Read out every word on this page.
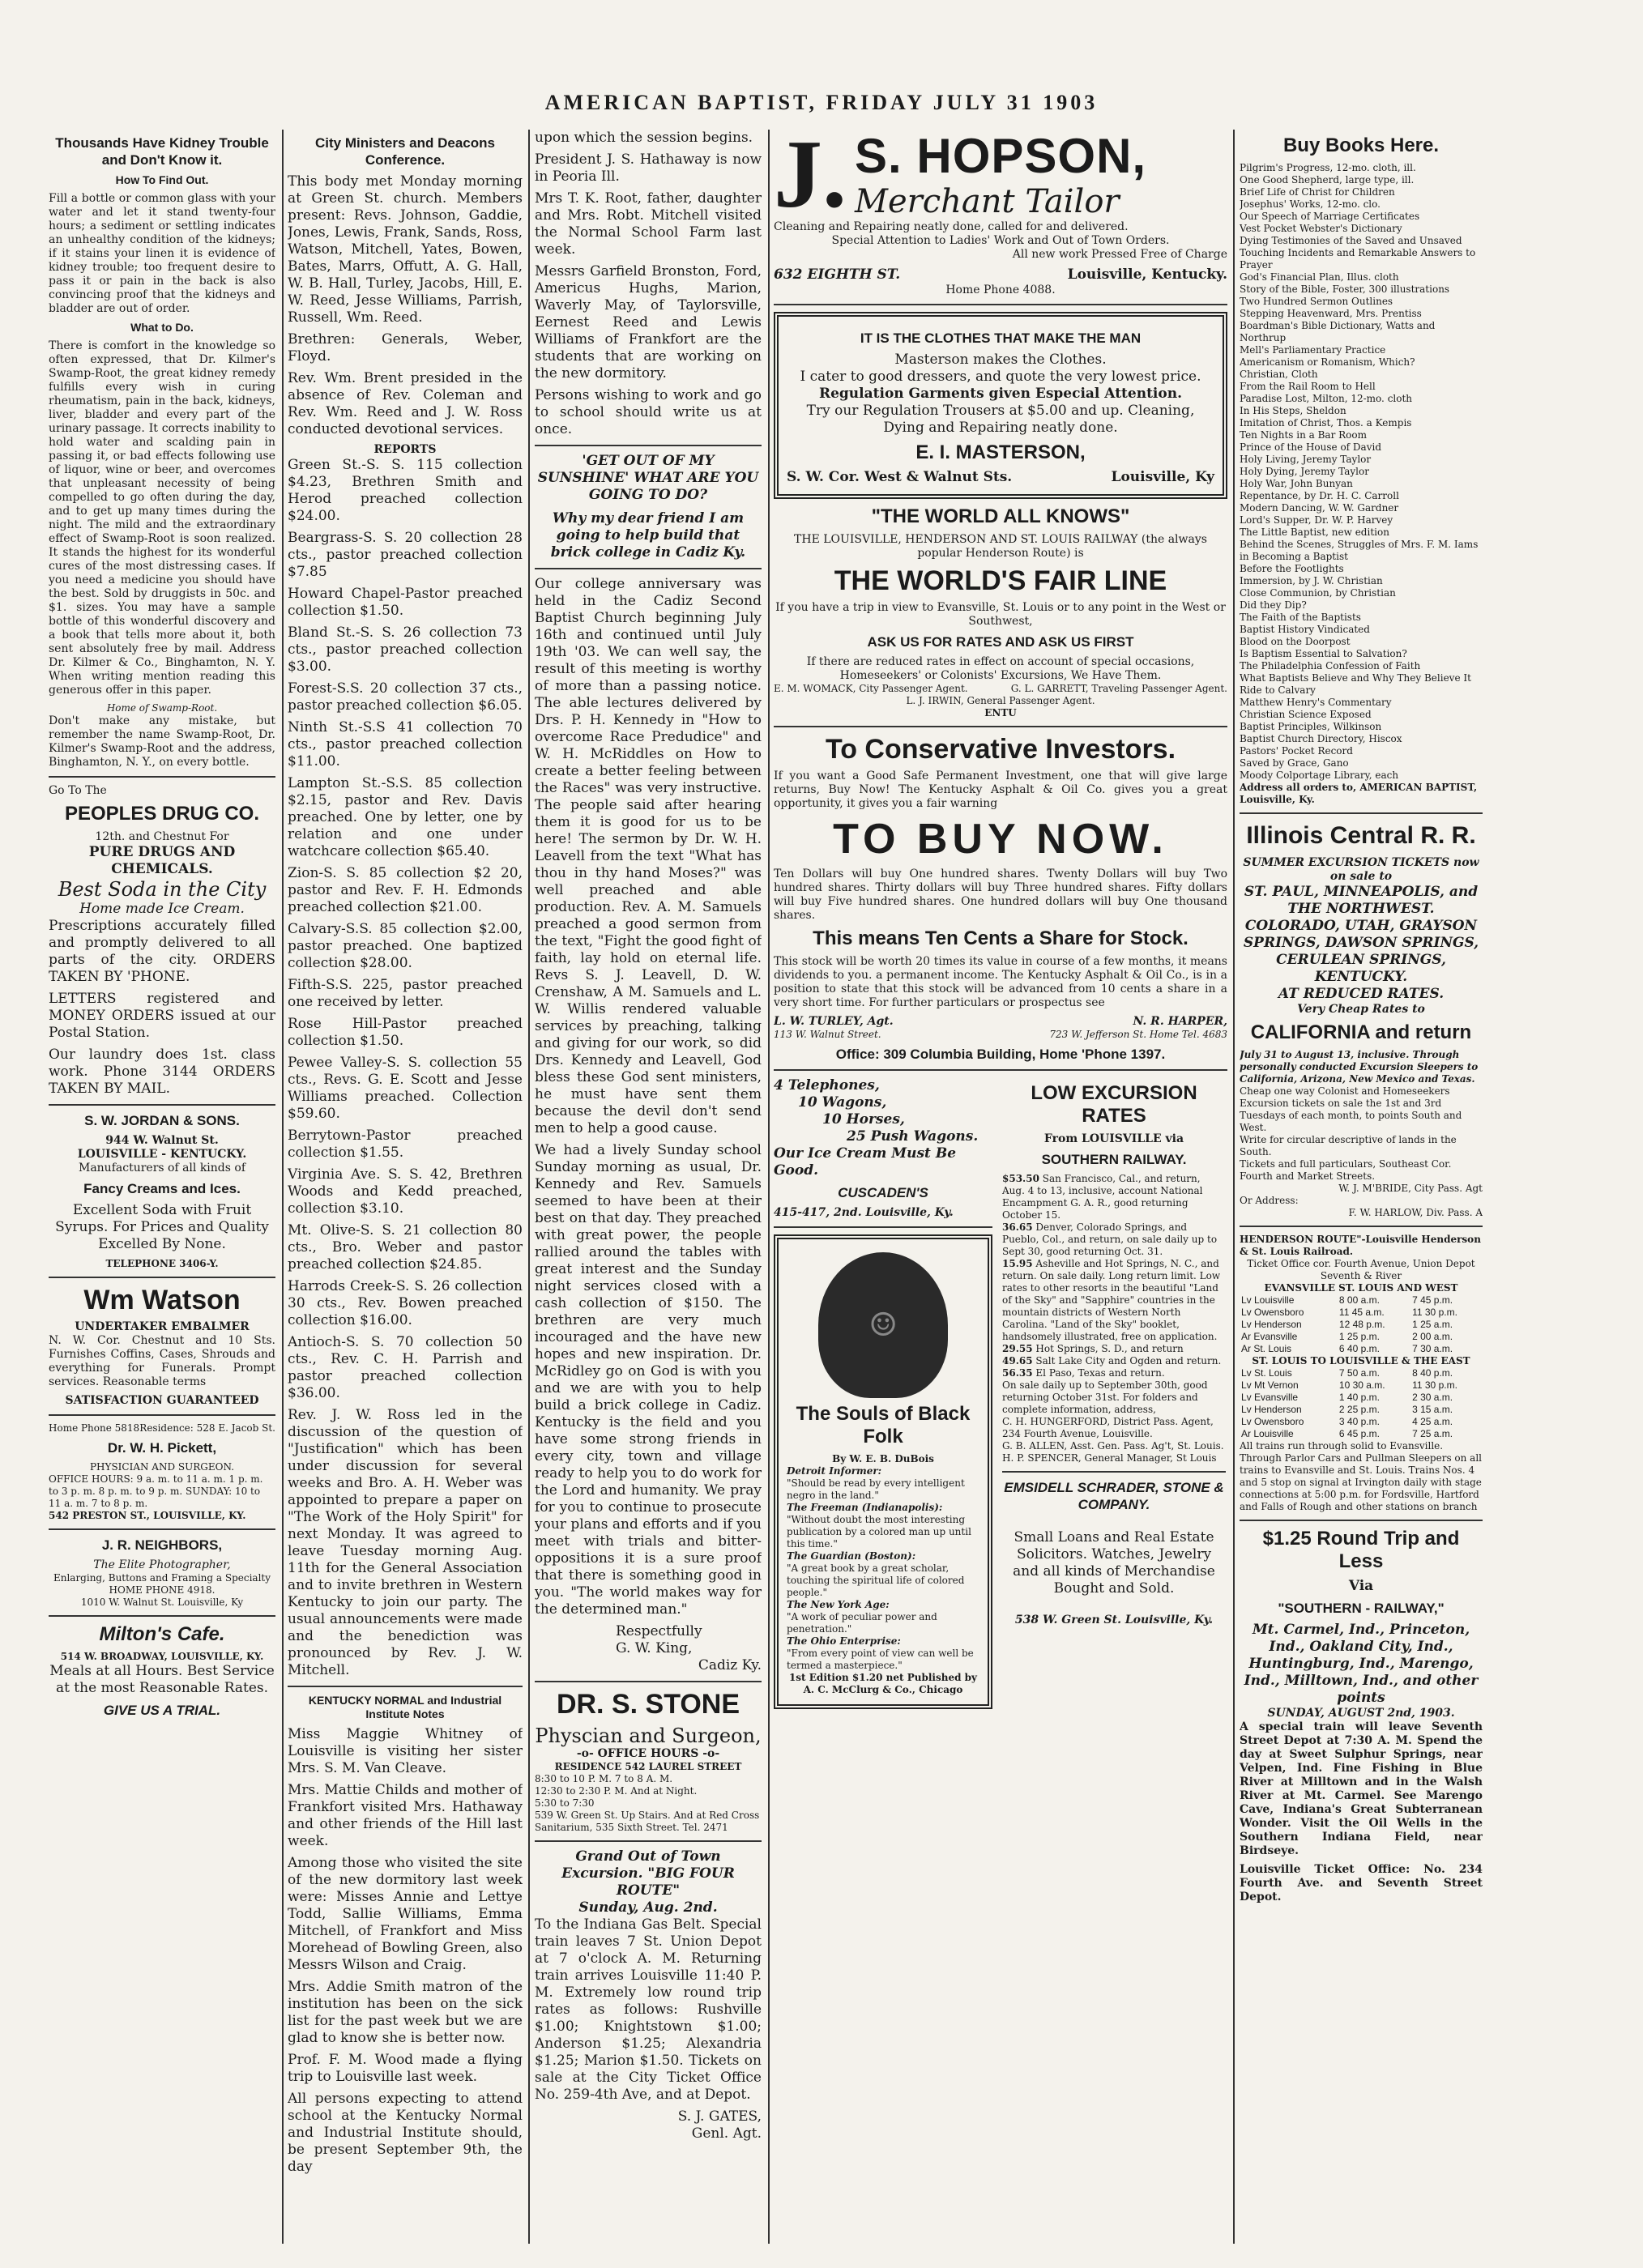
AMERICAN BAPTIST, FRIDAY JULY 31 1903
Thousands Have Kidney Trouble and Don't Know it.
How To Find Out.

Fill a bottle or common glass with your water and let it stand twenty-four hours; a sediment or settling indicates an unhealthy condition of the kidneys; if it stains your linen it is evidence of kidney trouble; too frequent desire to pass it or pain in the back is also convincing proof that the kidneys and bladder are out of order.

What to Do.

There is comfort in the knowledge so often expressed, that Dr. Kilmer's Swamp-Root, the great kidney remedy fulfills every wish in curing rheumatism, pain in the back, kidneys, liver, bladder and every part of the urinary passage. It corrects inability to hold water and scalding pain in passing it, or bad effects following use of liquor, wine or beer, and overcomes that unpleasant necessity of being compelled to go often during the day, and to get up many times during the night. The mild and the extraordinary effect of Swamp-Root is soon realized. It stands the highest for its wonderful cures of the most distressing cases. If you need a medicine you should have the best. Sold by druggists in 50c. and $1. sizes. You may have a sample bottle of this wonderful discovery and a book that tells more about it, both sent absolutely free by mail. Address Dr. Kilmer & Co., Binghamton, N. Y. When writing mention reading this generous offer in this paper.

Home of Swamp-Root.

Don't make any mistake, but remember the name Swamp-Root, Dr. Kilmer's Swamp-Root and the address, Binghamton, N. Y., on every bottle.

Go To The
PEOPLES DRUG CO.
12th. and Chestnut For
PURE DRUGS AND CHEMICALS.
Best Soda in the City
Home made Ice Cream.

Prescriptions accurately filled and promptly delivered to all parts of the city. ORDERS TAKEN BY 'PHONE.

LETTERS registered and MONEY ORDERS issued at our Postal Station.

Our laundry does 1st. class work. Phone 3144 ORDERS TAKEN BY MAIL.

S. W. JORDAN & SONS.
944 W. Walnut St.
LOUISVILLE - KENTUCKY.
Manufacturers of all kinds of
Fancy Creams and Ices.

Excellent Soda with Fruit Syrups. For Prices and Quality Excelled By None.

TELEPHONE 3406-Y.
Wm Watson
UNDERTAKER EMBALMER

N. W. Cor. Chestnut and 10 Sts. Furnishes Coffins, Cases, Shrouds and everything for Funerals. Prompt services. Reasonable terms

SATISFACTION GUARANTEED
Home Phone 5818 Residence: 528 E. Jacob St.
Dr. W. H. Pickett,
PHYSICIAN AND SURGEON.
OFFICE HOURS: 9 a. m. to 11 a. m. 1 p. m. to 3 p. m. 8 p. m. to 9 p. m. SUNDAY: 10 to 11 a. m. 7 to 8 p. m.
542 PRESTON ST., LOUISVILLE, KY.
J. R. NEIGHBORS,
The Elite Photographer,
Enlarging, Buttons and Framing a Specialty
HOME PHONE 4918.
1010 W. Walnut St. Louisville, Ky
Milton's Cafe.
514 W. BROADWAY, LOUISVILLE, KY.

Meals at all Hours. Best Service at the most Reasonable Rates.

GIVE US A TRIAL.
City Ministers and Deacons Conference.

This body met Monday morning at Green St. church. Members present: Revs. Johnson, Gaddie, Jones, Lewis, Frank, Sands, Ross, Watson, Mitchell, Yates, Bowen, Bates, Marrs, Offutt, A. G. Hall, W. B. Hall, Turley, Jacobs, Hill, E. W. Reed, Jesse Williams, Parrish, Russell, Wm. Reed.

Brethren: Generals, Weber, Floyd.

Rev. Wm. Brent presided in the absence of Rev. Coleman and Rev. Wm. Reed and J. W. Ross conducted devotional services.

REPORTS

Green St.-S. S. 115 collection $4.23, Brethren Smith and Herod preached collection $24.00.

Beargrass-S. S. 20 collection 28 cts., pastor preached collection $7.85

Howard Chapel-Pastor preached collection $1.50.

Bland St.-S. S. 26 collection 73 cts., pastor preached collection $3.00.

Forest-S.S. 20 collection 37 cts., pastor preached collection $6.05.

Ninth St.-S.S 41 collection 70 cts., pastor preached collection $11.00.

Lampton St.-S.S. 85 collection $2.15, pastor and Rev. Davis preached. One by letter, one by relation and one under watchcare collection $65.40.

Zion-S. S. 85 collection $2 20, pastor and Rev. F. H. Edmonds preached collection $21.00.

Calvary-S.S. 85 collection $2.00, pastor preached. One baptized collection $28.00.

Fifth-S.S. 225, pastor preached one received by letter.

Rose Hill-Pastor preached collection $1.50.

Pewee Valley-S. S. collection 55 cts., Revs. G. E. Scott and Jesse Williams preached. Collection $59.60.

Berrytown-Pastor preached collection $1.55.

Virginia Ave. S. S. 42, Brethren Woods and Kedd preached, collection $3.10.

Mt. Olive-S. S. 21 collection 80 cts., Bro. Weber and pastor preached collection $24.85.

Harrods Creek-S. S. 26 collection 30 cts., Rev. Bowen preached collection $16.00.

Antioch-S. S. 70 collection 50 cts., Rev. C. H. Parrish and pastor preached collection $36.00.

Rev. J. W. Ross led in the discussion of the question of "Justification" which has been under discussion for several weeks and Bro. A. H. Weber was appointed to prepare a paper on "The Work of the Holy Spirit" for next Monday. It was agreed to leave Tuesday morning Aug. 11th for the General Association and to invite brethren in Western Kentucky to join our party. The usual announcements were made and the benediction was pronounced by Rev. J. W. Mitchell.

KENTUCKY NORMAL and Industrial Institute Notes

Miss Maggie Whitney of Louisville is visiting her sister Mrs. S. M. Van Cleave.

Mrs. Mattie Childs and mother of Frankfort visited Mrs. Hathaway and other friends of the Hill last week.

Among those who visited the site of the new dormitory last week were: Misses Annie and Lettye Todd, Sallie Williams, Emma Mitchell, of Frankfort and Miss Morehead of Bowling Green, also Messrs Wilson and Craig.

Mrs. Addie Smith matron of the institution has been on the sick list for the past week but we are glad to know she is better now.

Prof. F. M. Wood made a flying trip to Louisville last week.

All persons expecting to attend school at the Kentucky Normal and Industrial Institute should, be present September 9th, the day

upon which the session begins.

President J. S. Hathaway is now in Peoria Ill.

Mrs T. K. Root, father, daughter and Mrs. Robt. Mitchell visited the Normal School Farm last week.

Messrs Garfield Bronston, Ford, Americus Hughs, Marion, Waverly May, of Taylorsville, Eernest Reed and Lewis Williams of Frankfort are the students that are working on the new dormitory.

Persons wishing to work and go to school should write us at once.

'GET OUT OF MY SUNSHINE' WHAT ARE YOU GOING TO DO?
Why my dear friend I am going to help build that brick college in Cadiz Ky.

Our college anniversary was held in the Cadiz Second Baptist Church beginning July 16th and continued until July 19th '03. We can well say, the result of this meeting is worthy of more than a passing notice. The able lectures delivered by Drs. P. H. Kennedy in "How to overcome Race Predudice" and W. H. McRiddles on How to create a better feeling between the Races" was very instructive. The people said after hearing them it is good for us to be here! The sermon by Dr. W. H. Leavell from the text "What has thou in thy hand Moses?" was well preached and able production. Rev. A. M. Samuels preached a good sermon from the text, "Fight the good fight of faith, lay hold on eternal life. Revs S. J. Leavell, D. W. Crenshaw, A M. Samuels and L. W. Willis rendered valuable services by preaching, talking and giving for our work, so did Drs. Kennedy and Leavell, God bless these God sent ministers, he must have sent them because the devil don't send men to help a good cause.

We had a lively Sunday school Sunday morning as usual, Dr. Kennedy and Rev. Samuels seemed to have been at their best on that day. They preached with great power, the people rallied around the tables with great interest and the Sunday night services closed with a cash collection of $150. The brethren are very much incouraged and the have new hopes and new inspiration. Dr. McRidley go on God is with you and we are with you to help build a brick college in Cadiz. Kentucky is the field and you have some strong friends in every city, town and village ready to help you to do work for the Lord and humanity. We pray for you to continue to prosecute your plans and efforts and if you meet with trials and bitter-oppositions it is a sure proof that there is something good in you. "The world makes way for the determined man."

Respectfully
G. W. King,
Cadiz Ky.
DR. S. STONE
Physcian and Surgeon,
-o- OFFICE HOURS -o-
RESIDENCE 542 LAUREL STREET
8:30 to 10 P. M. 7 to 8 A. M.
12:30 to 2:30 P. M. And at Night.
5:30 to 7:30
539 W. Green St. Up Stairs. And at Red Cross Sanitarium, 535 Sixth Street. Tel. 2471
Grand Out of Town Excursion. "BIG FOUR ROUTE"
Sunday, Aug. 2nd.

To the Indiana Gas Belt. Special train leaves 7 St. Union Depot at 7 o'clock A. M. Returning train arrives Louisville 11:40 P. M. Extremely low round trip rates as follows: Rushville $1.00; Knightstown $1.00; Anderson $1.25; Alexandria $1.25; Marion $1.50. Tickets on sale at the City Ticket Office No. 259-4th Ave, and at Depot.

S. J. GATES,
Genl. Agt.
J. S. HOPSON,
Merchant Tailor
Cleaning and Repairing neatly done, called for and delivered.
Special Attention to Ladies' Work and Out of Town Orders.
All new work Pressed Free of Charge
632 EIGHTH ST.	Louisville, Kentucky.
Home Phone 4088.
IT IS THE CLOTHES THAT MAKE THE MAN
Masterson makes the Clothes.
I cater to good dressers, and quote the very lowest price.
Regulation Garments given Especial Attention.
Try our Regulation Trousers at $5.00 and up. Cleaning, Dying and Repairing neatly done.
E. I. MASTERSON,
S. W. Cor. West & Walnut Sts.	Louisville, Ky
"THE WORLD ALL KNOWS"
THE LOUISVILLE, HENDERSON AND ST. LOUIS RAILWAY (the always popular Henderson Route) is
THE WORLD'S FAIR LINE
If you have a trip in view to Evansville, St. Louis or to any point in the West or Southwest,
ASK US FOR RATES AND ASK US FIRST
If there are reduced rates in effect on account of special occasions, Homeseekers' or Colonists' Excursions, We Have Them.
E. M. WOMACK, City Passenger Agent.	G. L. GARRETT, Traveling Passenger Agent.
L. J. IRWIN, General Passenger Agent.
ENTU
To Conservative Investors.

If you want a Good Safe Permanent Investment, one that will give large returns, Buy Now! The Kentucky Asphalt & Oil Co. gives you a great opportunity, it gives you a fair warning

TO BUY NOW.

Ten Dollars will buy One hundred shares. Twenty Dollars will buy Two hundred shares. Thirty dollars will buy Three hundred shares. Fifty dollars will buy Five hundred shares. One hundred dollars will buy One thousand shares.

This means Ten Cents a Share for Stock.

This stock will be worth 20 times its value in course of a few months, it means dividends to you. a permanent income. The Kentucky Asphalt & Oil Co., is in a position to state that this stock will be advanced from 10 cents a share in a very short time. For further particulars or prospectus see

L. W. TURLEY, Agt.	N. R. HARPER,
113 W. Walnut Street.	723 W. Jefferson St. Home Tel. 4683
Office: 309 Columbia Building, Home 'Phone 1397.
4 Telephones,
10 Wagons,
10 Horses,
25 Push Wagons.
Our Ice Cream Must Be Good.
CUSCADEN'S
415-417, 2nd. Louisville, Ky.
☺
The Souls of Black Folk
By W. E. B. DuBois
Detroit Informer:
"Should be read by every intelligent negro in the land."
The Freeman (Indianapolis):
"Without doubt the most interesting publication by a colored man up until this time."
The Guardian (Boston):
"A great book by a great scholar, touching the spiritual life of colored people."
The New York Age:
"A work of peculiar power and penetration."
The Ohio Enterprise:
"From every point of view can well be termed a masterpiece."
1st Edition $1.20 net Published by A. C. McClurg & Co., Chicago
LOW EXCURSION RATES
From LOUISVILLE via
SOUTHERN RAILWAY.
$53.50 San Francisco, Cal., and return, Aug. 4 to 13, inclusive, account National Encampment G. A. R., good returning October 15.
36.65 Denver, Colorado Springs, and Pueblo, Col., and return, on sale daily up to Sept 30, good returning Oct. 31.
15.95 Asheville and Hot Springs, N. C., and return. On sale daily. Long return limit. Low rates to other resorts in the beautiful "Land of the Sky" and "Sapphire" countries in the mountain districts of Western North Carolina. "Land of the Sky" booklet, handsomely illustrated, free on application.
29.55 Hot Springs, S. D., and return
49.65 Salt Lake City and Ogden and return.
56.35 El Paso, Texas and return.
On sale daily up to September 30th, good returning October 31st. For folders and complete information, address,
C. H. HUNGERFORD, District Pass. Agent, 234 Fourth Avenue, Louisville.
G. B. ALLEN, Asst. Gen. Pass. Ag't, St. Louis.
H. P. SPENCER, General Manager, St Louis
EMSIDELL SCHRADER, STONE & COMPANY.

Small Loans and Real Estate Solicitors. Watches, Jewelry and all kinds of Merchandise Bought and Sold.

538 W. Green St. Louisville, Ky.
Buy Books Here.
Pilgrim's Progress, 12-mo. cloth, ill.
One Good Shepherd, large type, ill.
Brief Life of Christ for Children
Josephus' Works, 12-mo. clo.
Our Speech of Marriage Certificates
Vest Pocket Webster's Dictionary
Dying Testimonies of the Saved and Unsaved
Touching Incidents and Remarkable Answers to Prayer
God's Financial Plan, Illus. cloth
Story of the Bible, Foster, 300 illustrations
Two Hundred Sermon Outlines
Stepping Heavenward, Mrs. Prentiss
Boardman's Bible Dictionary, Watts and Northrup
Mell's Parliamentary Practice
Americanism or Romanism, Which?
Christian, Cloth
From the Rail Room to Hell
Paradise Lost, Milton, 12-mo. cloth
In His Steps, Sheldon
Imitation of Christ, Thos. a Kempis
Ten Nights in a Bar Room
Prince of the House of David
Holy Living, Jeremy Taylor
Holy Dying, Jeremy Taylor
Holy War, John Bunyan
Repentance, by Dr. H. C. Carroll
Modern Dancing, W. W. Gardner
Lord's Supper, Dr. W. P. Harvey
The Little Baptist, new edition
Behind the Scenes, Struggles of Mrs. F. M. Iams in Becoming a Baptist
Before the Footlights
Immersion, by J. W. Christian
Close Communion, by Christian
Did they Dip?
The Faith of the Baptists
Baptist History Vindicated
Blood on the Doorpost
Is Baptism Essential to Salvation?
The Philadelphia Confession of Faith
What Baptists Believe and Why They Believe It
Ride to Calvary
Matthew Henry's Commentary
Christian Science Exposed
Baptist Principles, Wilkinson
Baptist Church Directory, Hiscox
Pastors' Pocket Record
Saved by Grace, Gano
Moody Colportage Library, each
Address all orders to, AMERICAN BAPTIST, Louisville, Ky.
Illinois Central R. R.
SUMMER EXCURSION TICKETS now on sale to
ST. PAUL, MINNEAPOLIS, and THE NORTHWEST. COLORADO, UTAH, GRAYSON SPRINGS, DAWSON SPRINGS, CERULEAN SPRINGS, KENTUCKY.
AT REDUCED RATES.
Very Cheap Rates to
CALIFORNIA and return
July 31 to August 13, inclusive. Through personally conducted Excursion Sleepers to California, Arizona, New Mexico and Texas.
Cheap one way Colonist and Homeseekers Excursion tickets on sale the 1st and 3rd Tuesdays of each month, to points South and West.
Write for circular descriptive of lands in the South.
Tickets and full particulars, Southeast Cor. Fourth and Market Streets.
W. J. M'BRIDE, City Pass. Agt
Or Address:
F. W. HARLOW, Div. Pass. A
HENDERSON ROUTE"-Louisville Henderson & St. Louis Railroad.
Ticket Office cor. Fourth Avenue, Union Depot Seventh & River
EVANSVILLE ST. LOUIS AND WEST
Lv Louisville	8 00 a.m.	7 45 p.m.
Lv Owensboro	11 45 a.m.	11 30 p.m.
Lv Henderson	12 48 p.m.	1 25 a.m.
Ar Evansville	1 25 p.m.	2 00 a.m.
Ar St. Louis	6 40 p.m.	7 30 a.m.
ST. LOUIS TO LOUISVILLE & THE EAST
Lv St. Louis	7 50 a.m.	8 40 p.m.
Lv Mt Vernon	10 30 a.m.	11 30 p.m.
Lv Evansville	1 40 p.m.	2 30 a.m.
Lv Henderson	2 25 p.m.	3 15 a.m.
Lv Owensboro	3 40 p.m.	4 25 a.m.
Ar Louisville	6 45 p.m.	7 25 a.m.
All trains run through solid to Evansville. Through Parlor Cars and Pullman Sleepers on all trains to Evansville and St. Louis. Trains Nos. 4 and 5 stop on signal at Irvington daily with stage connections at 5:00 p.m. for Fordsville, Hartford and Falls of Rough and other stations on branch
$1.25 Round Trip and Less
Via
"SOUTHERN - RAILWAY,"
Mt. Carmel, Ind., Princeton, Ind., Oakland City, Ind., Huntingburg, Ind., Marengo, Ind., Milltown, Ind., and other points
SUNDAY, AUGUST 2nd, 1903.

A special train will leave Seventh Street Depot at 7:30 A. M. Spend the day at Sweet Sulphur Springs, near Velpen, Ind. Fine Fishing in Blue River at Milltown and in the Walsh River at Mt. Carmel. See Marengo Cave, Indiana's Great Subterranean Wonder. Visit the Oil Wells in the Southern Indiana Field, near Birdseye.

Louisville Ticket Office: No. 234 Fourth Ave. and Seventh Street Depot.
